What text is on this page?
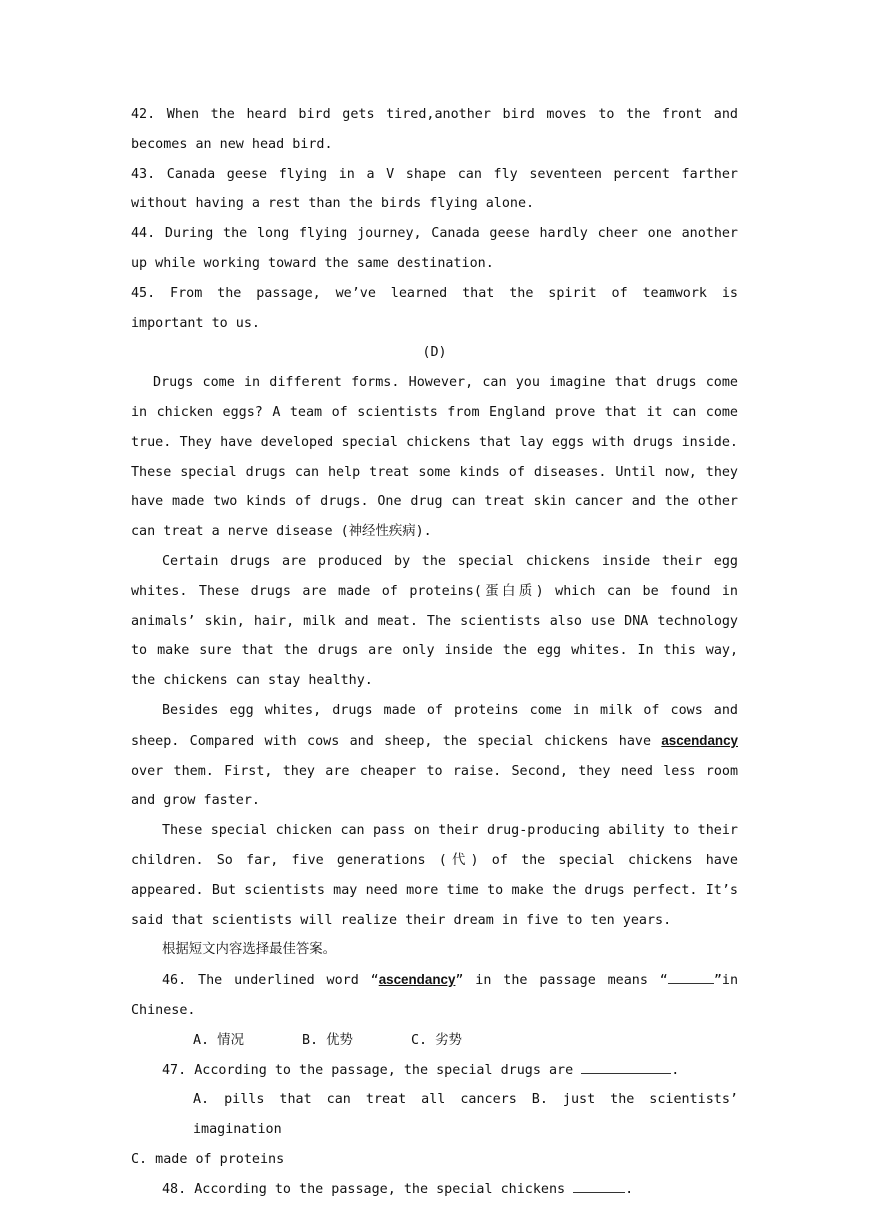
42. When the heard bird gets tired,another bird moves to the front and becomes an new head bird.

43. Canada geese flying in a V shape can fly seventeen percent farther without having a rest than the birds flying alone.

44. During the long flying journey, Canada geese hardly cheer one another up while working toward the same destination.

45. From the passage, we’ve learned that the spirit of teamwork is important to us.

(D)

Drugs come in different forms. However, can you imagine that drugs come in chicken eggs? A team of scientists from England prove that it can come true. They have developed special chickens that lay eggs with drugs inside. These special drugs can help treat some kinds of diseases. Until now, they have made two kinds of drugs. One drug can treat skin cancer and the other can treat a nerve disease (神经性疾病).

Certain drugs are produced by the special chickens inside their egg whites. These drugs are made of proteins(蛋白质) which can be found in animals’ skin, hair, milk and meat. The scientists also use DNA technology to make sure that the drugs are only inside the egg whites. In this way, the chickens can stay healthy.

Besides egg whites, drugs made of proteins come in milk of cows and sheep. Compared with cows and sheep, the special chickens have ascendancy over them. First, they are cheaper to raise. Second, they need less room and grow faster.

These special chicken can pass on their drug-producing ability to their children. So far, five generations (代) of the special chickens have appeared. But scientists may need more time to make the drugs perfect. It’s said that scientists will realize their dream in five to ten years.

根据短文内容选择最佳答案。

46. The underlined word “ascendancy” in the passage means “	”in Chinese.

A. 情况	B. 优势	C. 劣势

47. According to the passage, the special drugs are	.

A. pills that can treat all cancers B. just the scientists’ imagination

C. made of proteins

48. According to the passage, the special chickens	.
